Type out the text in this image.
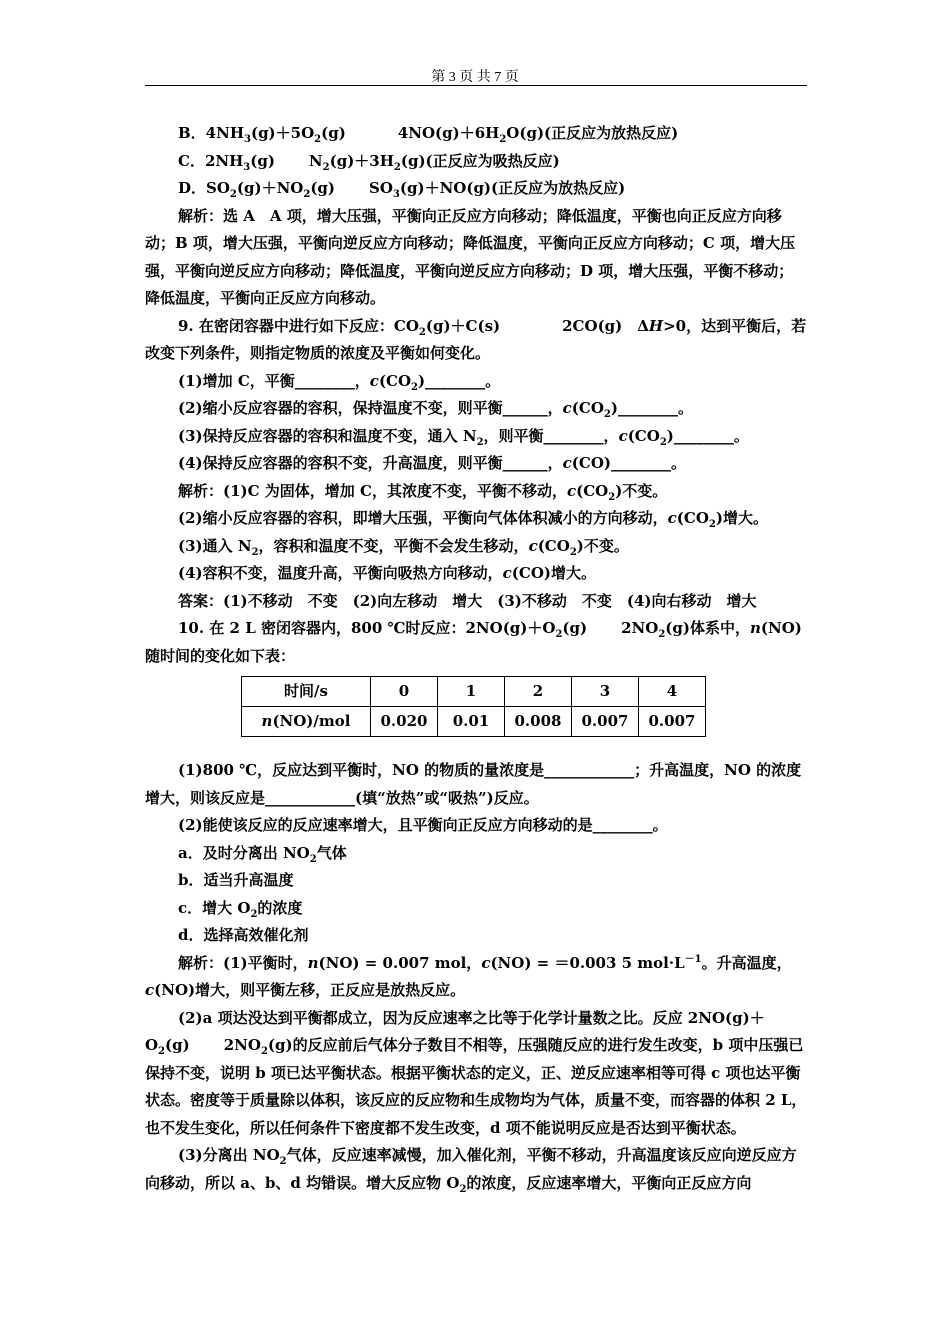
第 3 页 共 7 页

B．$4NH_3(g)+5O_2(g)$	$4NO(g)+6H_2O(g)$(正反应为放热反应)

C．$2NH_3(g)$ $N_2(g)+3H_2(g)$(正反应为吸热反应)

D．$SO_2(g)+NO_2(g)$ $SO_3(g)+NO(g)$(正反应为放热反应)

解析：选 A　A 项，增大压强，平衡向正反应方向移动；降低温度，平衡也向正反应方向移动；B 项，增大压强，平衡向逆反应方向移动；降低温度，平衡向正反应方向移动；C 项，增大压强，平衡向逆反应方向移动；降低温度，平衡向逆反应方向移动；D 项，增大压强，平衡不移动；降低温度，平衡向正反应方向移动。

9. 在密闭容器中进行如下反应：$CO_2(g)+C(s)$	2CO(g)　ΔH>0，达到平衡后，若改变下列条件，则指定物质的浓度及平衡如何变化。

(1)增加 C，平衡________，$c(CO_2)\_\_\_\_\_\_\_\_$。

(2)缩小反应容器的容积，保持温度不变，则平衡______，$c(CO_2)\_\_\_\_\_\_\_\_$。

(3)保持反应容器的容积和温度不变，通入 $N_2$，则平衡________，$c(CO_2)\_\_\_\_\_\_\_\_$。

(4)保持反应容器的容积不变，升高温度，则平衡______，c(CO)________。

解析：(1)C 为固体，增加 C，其浓度不变，平衡不移动，$c(CO_2)$不变。

(2)缩小反应容器的容积，即增大压强，平衡向气体体积减小的方向移动，$c(CO_2)$增大。

(3)通入 $N_2$，容积和温度不变，平衡不会发生移动，$c(CO_2)$不变。

(4)容积不变，温度升高，平衡向吸热方向移动，c(CO)增大。

答案：(1)不移动　不变　(2)向左移动　增大　(3)不移动　不变　(4)向右移动　增大

10. 在 2 L 密闭容器内，800 ℃时反应：$2NO(g)+O_2(g)$ $2NO_2(g)$体系中，n(NO)随时间的变化如下表：

时间/s	0	1	2	3	4
n(NO)/mol	0.020	0.01	0.008	0.007	0.007

(1)800 ℃，反应达到平衡时，NO 的物质的量浓度是____________；升高温度，NO 的浓度增大，则该反应是____________(填“放热”或“吸热”)反应。

(2)能使该反应的反应速率增大，且平衡向正反应方向移动的是________。

a．及时分离出 $NO_2$气体

b．适当升高温度

c．增大 $O_2$的浓度

d．选择高效催化剂

解析：(1)平衡时，n(NO) = 0.007 mol，c(NO) = ＝0.003 5 $mol\cdot L^{-1}$。升高温度，c(NO)增大，则平衡左移，正反应是放热反应。

(2)a 项达没达到平衡都成立，因为反应速率之比等于化学计量数之比。反应 $2NO(g)+O_2(g)$ $2NO_2(g)$的反应前后气体分子数目不相等，压强随反应的进行发生改变，b 项中压强已保持不变，说明 b 项已达平衡状态。根据平衡状态的定义，正、逆反应速率相等可得 c 项也达平衡状态。密度等于质量除以体积，该反应的反应物和生成物均为气体，质量不变，而容器的体积 2 L，也不发生变化，所以任何条件下密度都不发生改变，d 项不能说明反应是否达到平衡状态。

(3)分离出 $NO_2$气体，反应速率减慢，加入催化剂，平衡不移动，升高温度该反应向逆反应方向移动，所以 a、b、d 均错误。增大反应物 $O_2$的浓度，反应速率增大，平衡向正反应方向
